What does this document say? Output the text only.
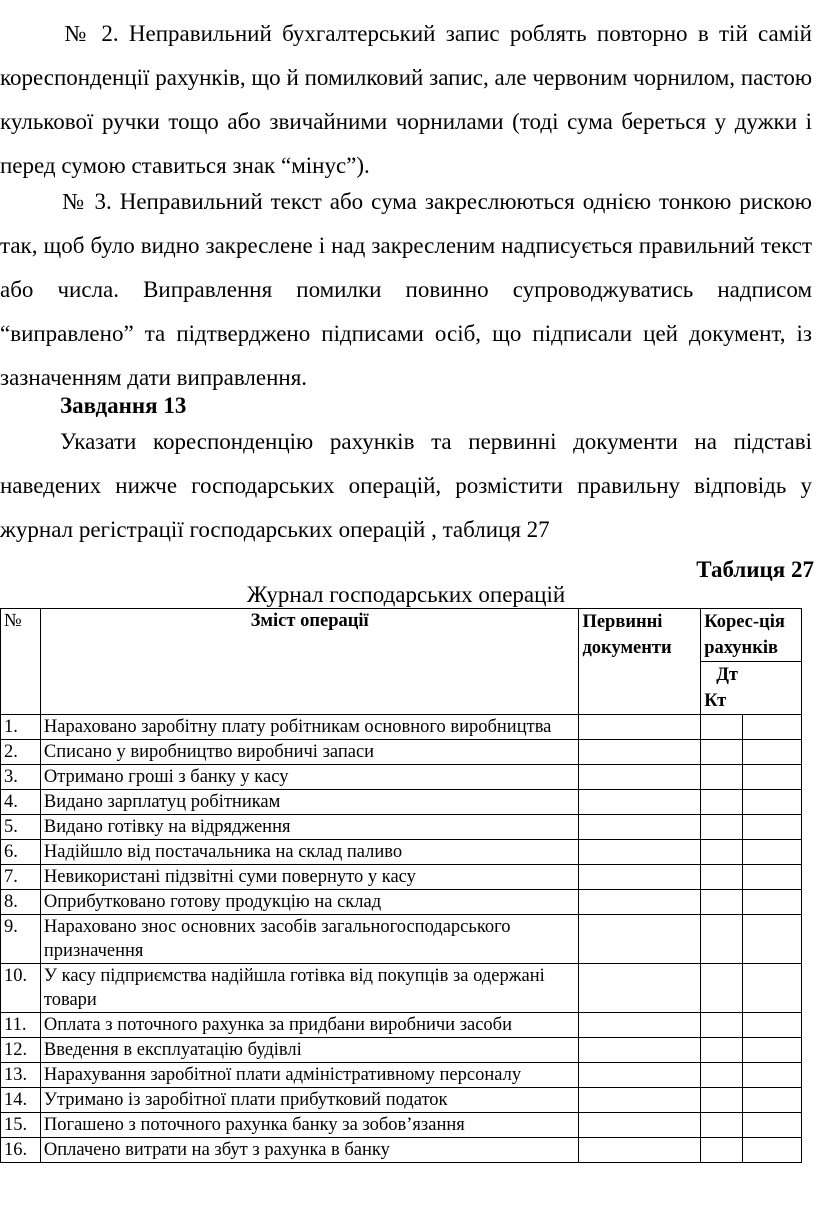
№ 2. Неправильний бухгалтерський запис роблять повторно в тій самій кореспонденції рахунків, що й помилковий запис, але червоним чорнилом, пастою кулькової ручки тощо або звичайними чорнилами (тоді сума береться у дужки і перед сумою ставиться знак “мінус”).

№ 3. Неправильний текст або сума закреслюються однією тонкою рискою так, щоб було видно закреслене і над закресленим надписується правильний текст або числа. Виправлення помилки повинно супроводжуватись надписом “виправлено” та підтверджено підписами осіб, що підписали цей документ, із зазначенням дати виправлення.

Завдання 13

Указати кореспонденцію рахунків та первинні документи на підставі наведених нижче господарських операцій, розмістити правильну відповідь у журнал регістрації господарських операцій , таблиця 27

Таблиця 27

Журнал господарських операцій

№	Зміст операції	Первинні документи	Корес-ція рахунків	
			Дт
Кт	
1.	Нараховано заробітну плату робітникам основного виробництва			
2.	Списано у виробництво виробничі запаси			
3.	Отримано гроші з банку у касу			
4.	Видано зарплатуц робітникам			
5.	Видано готівку на відрядження			
6.	Надійшло від постачальника на склад паливо			
7.	Невикористані підзвітні суми повернуто у касу			
8.	Оприбутковано готову продукцію на склад			
9.	Нараховано знос основних засобів загальногосподарського призначення			
10.	У касу підприємства надійшла готівка від покупців за одержані товари			
11.	Оплата з поточного рахунка за придбани виробничи засоби			
12.	Введення в експлуатацію будівлі			
13.	Нарахування заробітної плати адміністративному персоналу			
14.	Утримано із заробітної плати прибутковий податок			
15.	Погашено з поточного рахунка банку за зобов’язання			
16.	Оплачено витрати на збут з рахунка в банку			
